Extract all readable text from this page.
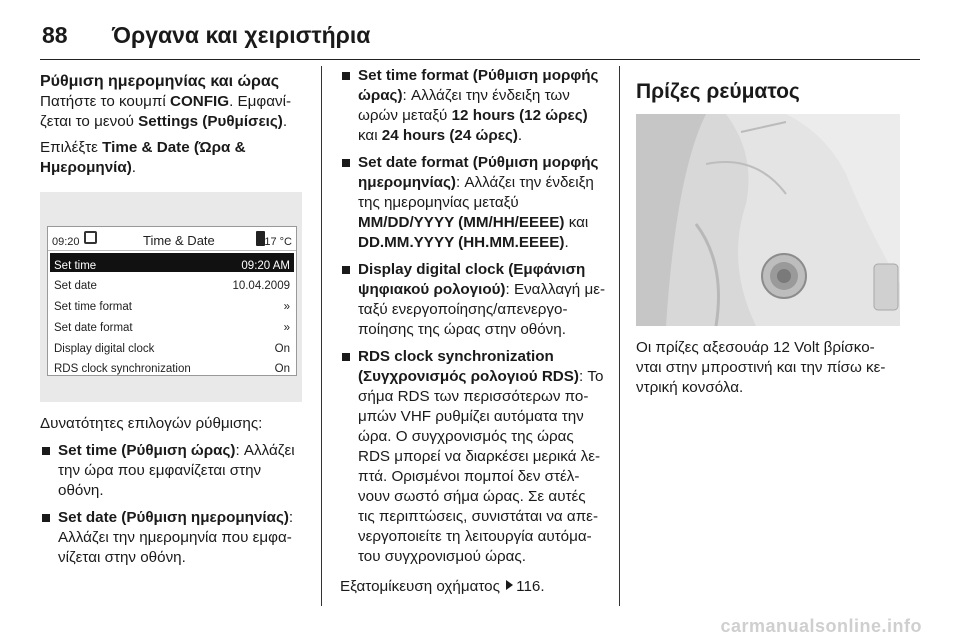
88 Όργανα και χειριστήρια
Ρύθμιση ημερομηνίας και ώρας

Πατήστε το κουμπί CONFIG. Εμφανί-ζεται το μενού Settings (Ρυθμίσεις).

Επιλέξτε Time & Date (Ώρα & Ημερομηνία).

09:20	Time & Date	17 °C
Set time	09:20 AM
Set date	10.04.2009
Set time format	»
Set date format	»
Display digital clock	On
RDS clock synchronization	On

Δυνατότητες επιλογών ρύθμισης:

Set time (Ρύθμιση ώρας): Αλλάζει την ώρα που εμφανίζεται στην οθόνη.
Set date (Ρύθμιση ημερομηνίας): Αλλάζει την ημερομηνία που εμφα-νίζεται στην οθόνη.
Set time format (Ρύθμιση μορφής ώρας): Αλλάζει την ένδειξη των ωρών μεταξύ 12 hours (12 ώρες) και 24 hours (24 ώρες).
Set date format (Ρύθμιση μορφής ημερομηνίας): Αλλάζει την ένδειξη της ημερομηνίας μεταξύ MM/DD/YYYY (MM/HH/EEEE) και DD.MM.YYYY (HH.MM.EEEE).
Display digital clock (Εμφάνιση ψηφιακού ρολογιού): Εναλλαγή με-ταξύ ενεργοποίησης/απενεργο-ποίησης της ώρας στην οθόνη.
RDS clock synchronization (Συγχρονισμός ρολογιού RDS): Το σήμα RDS των περισσότερων πο-μπών VHF ρυθμίζει αυτόματα την ώρα. Ο συγχρονισμός της ώρας RDS μπορεί να διαρκέσει μερικά λε-πτά. Ορισμένοι πομποί δεν στέλ-νουν σωστό σήμα ώρας. Σε αυτές τις περιπτώσεις, συνιστάται να απε-νεργοποιείτε τη λειτουργία αυτόμα-του συγχρονισμού ώρας.

Εξατομίκευση οχήματος 116.

Πρίζες ρεύματος

Οι πρίζες αξεσουάρ 12 Volt βρίσκο-νται στην μπροστινή και την πίσω κε-ντρική κονσόλα.

carmanualsonline.info
